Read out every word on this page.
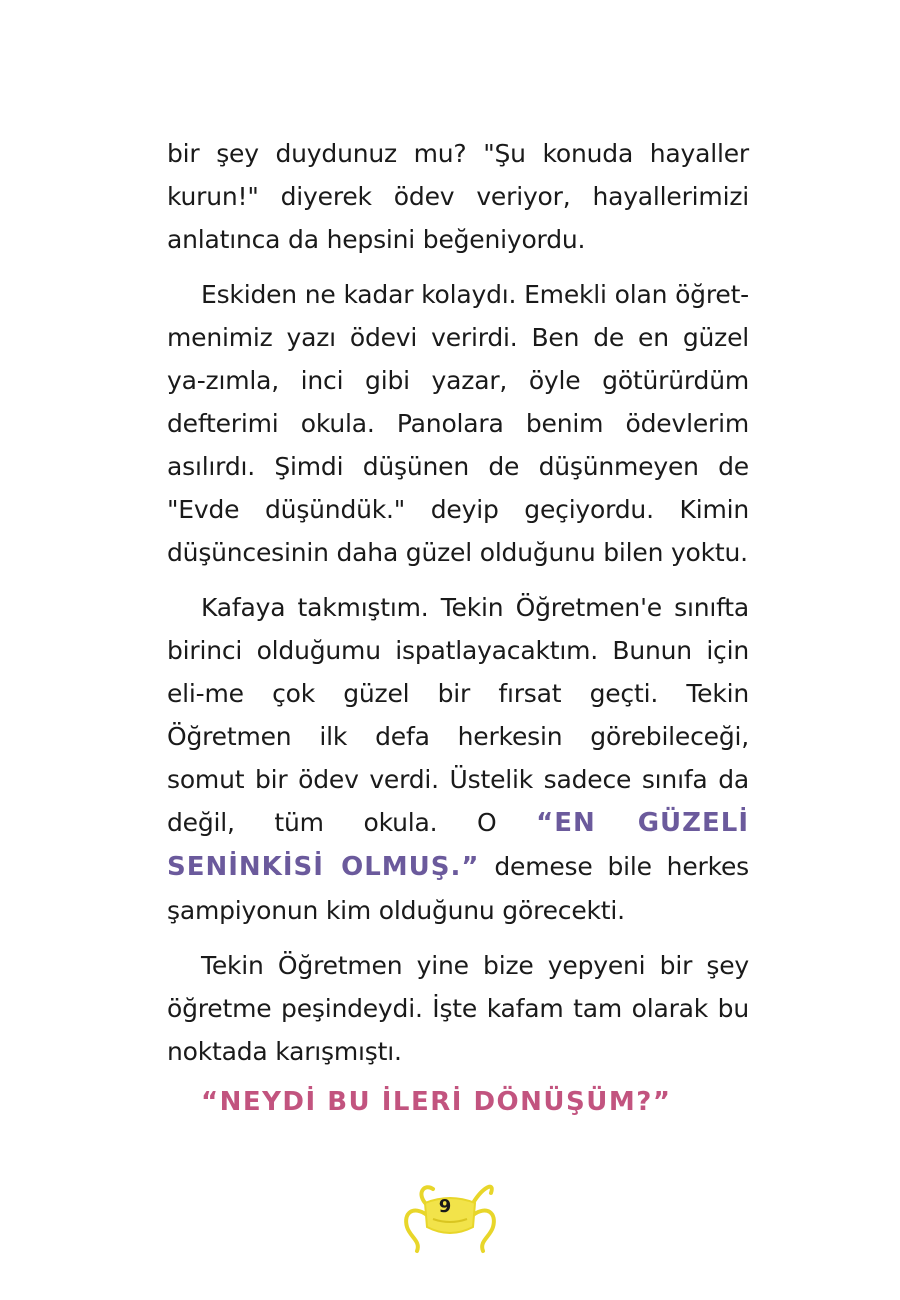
bir şey duydunuz mu? "Şu konuda hayaller kurun!" diyerek ödev veriyor, hayallerimizi anlatınca da hepsini beğeniyordu.

Eskiden ne kadar kolaydı. Emekli olan öğret-menimiz yazı ödevi verirdi. Ben de en güzel ya-zımla, inci gibi yazar, öyle götürürdüm defterimi okula. Panolara benim ödevlerim asılırdı. Şimdi düşünen de düşünmeyen de "Evde düşündük." deyip geçiyordu. Kimin düşüncesinin daha güzel olduğunu bilen yoktu.

Kafaya takmıştım. Tekin Öğretmen'e sınıfta birinci olduğumu ispatlayacaktım. Bunun için eli-me çok güzel bir fırsat geçti. Tekin Öğretmen ilk defa herkesin görebileceği, somut bir ödev verdi. Üstelik sadece sınıfa da değil, tüm okula. O “EN GÜZELİ SENİNKİSİ OLMUŞ.” demese bile herkes şampiyonun kim olduğunu görecekti.

Tekin Öğretmen yine bize yepyeni bir şey öğretme peşindeydi. İşte kafam tam olarak bu noktada karışmıştı.

“NEYDİ BU İLERİ DÖNÜŞÜM?”
9
